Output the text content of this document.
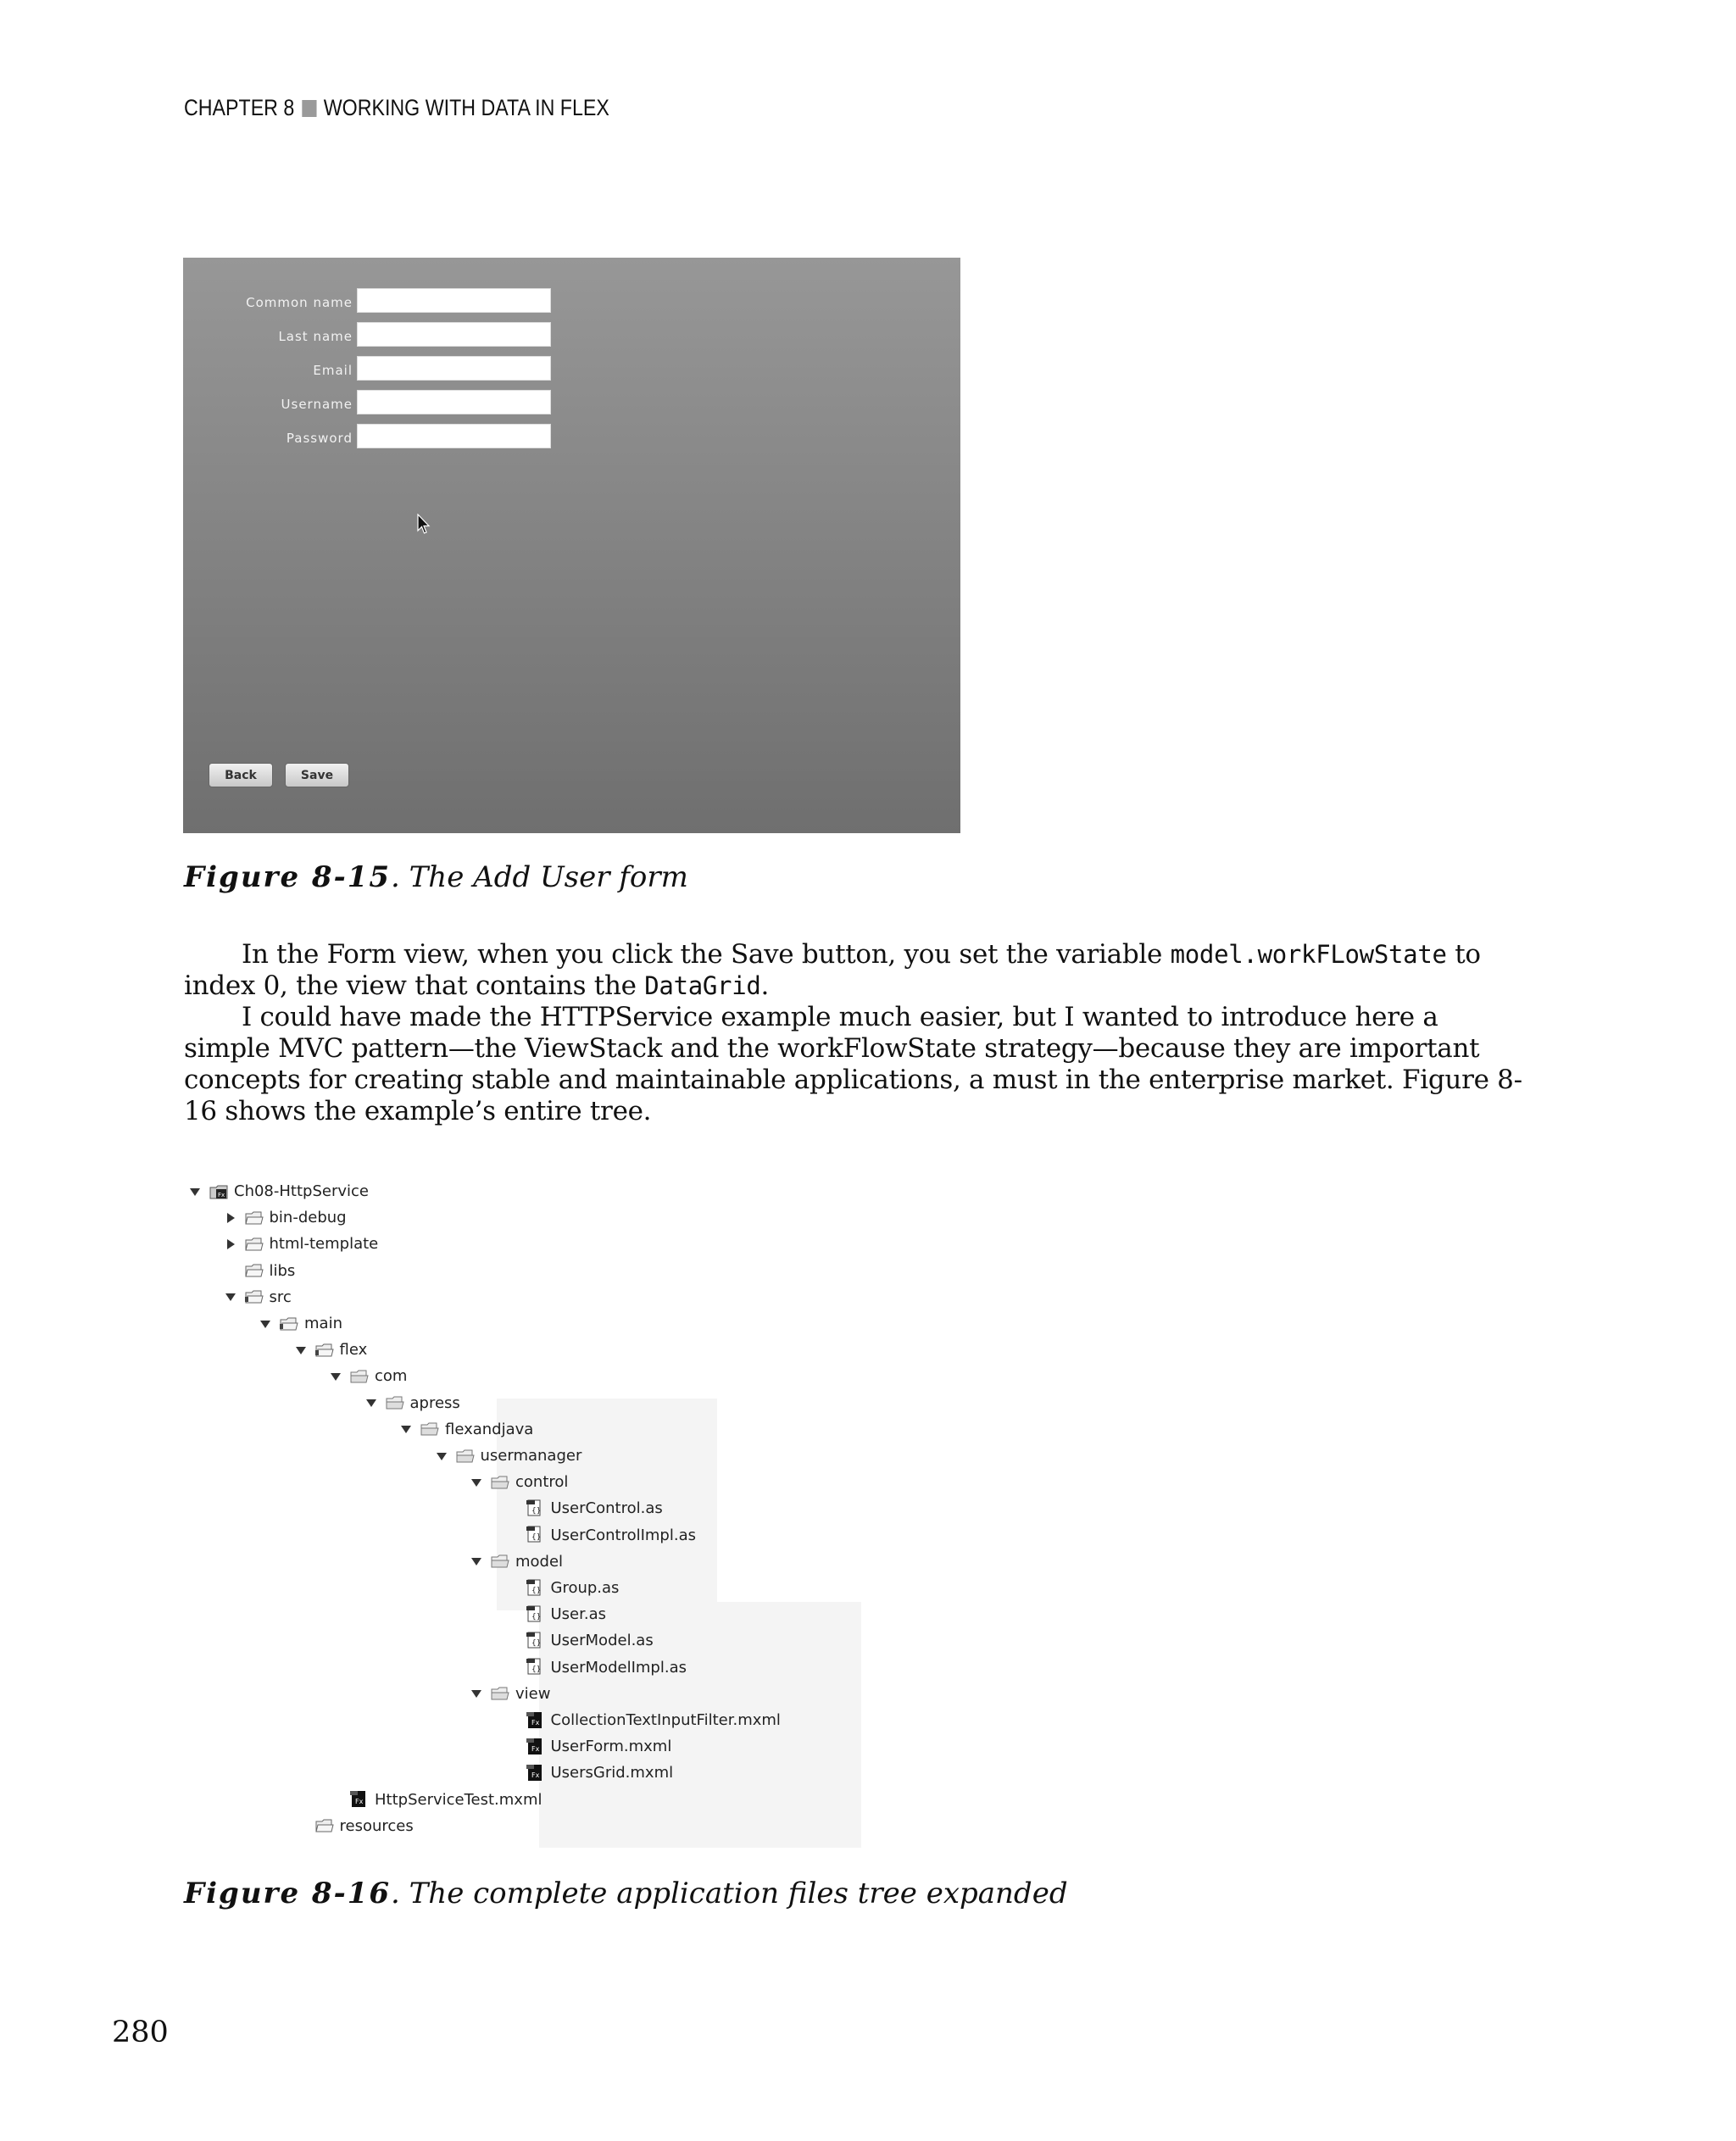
CHAPTER 8 WORKING WITH DATA IN FLEX
Common name
Last name
Email
Username
Password
Back	Save
Figure 8-15. The Add User form

In the Form view, when you click the Save button, you set the variable model.workFLowState to index 0, the view that contains the DataGrid.

I could have made the HTTPService example much easier, but I wanted to introduce here a simple MVC pattern—the ViewStack and the workFlowState strategy—because they are important concepts for creating stable and maintainable applications, a must in the enterprise market. Figure 8-16 shows the example’s entire tree.

Fx Ch08-HttpService
bin-debug
html-template
libs
src
main
flex
com
apress
flexandjava
usermanager
control
{} UserControl.as
{} UserControlImpl.as
model
{} Group.as
{} User.as
{} UserModel.as
{} UserModelImpl.as
view
Fx CollectionTextInputFilter.mxml
Fx UserForm.mxml
Fx UsersGrid.mxml
Fx HttpServiceTest.mxml
resources
Figure 8-16. The complete application files tree expanded
280
